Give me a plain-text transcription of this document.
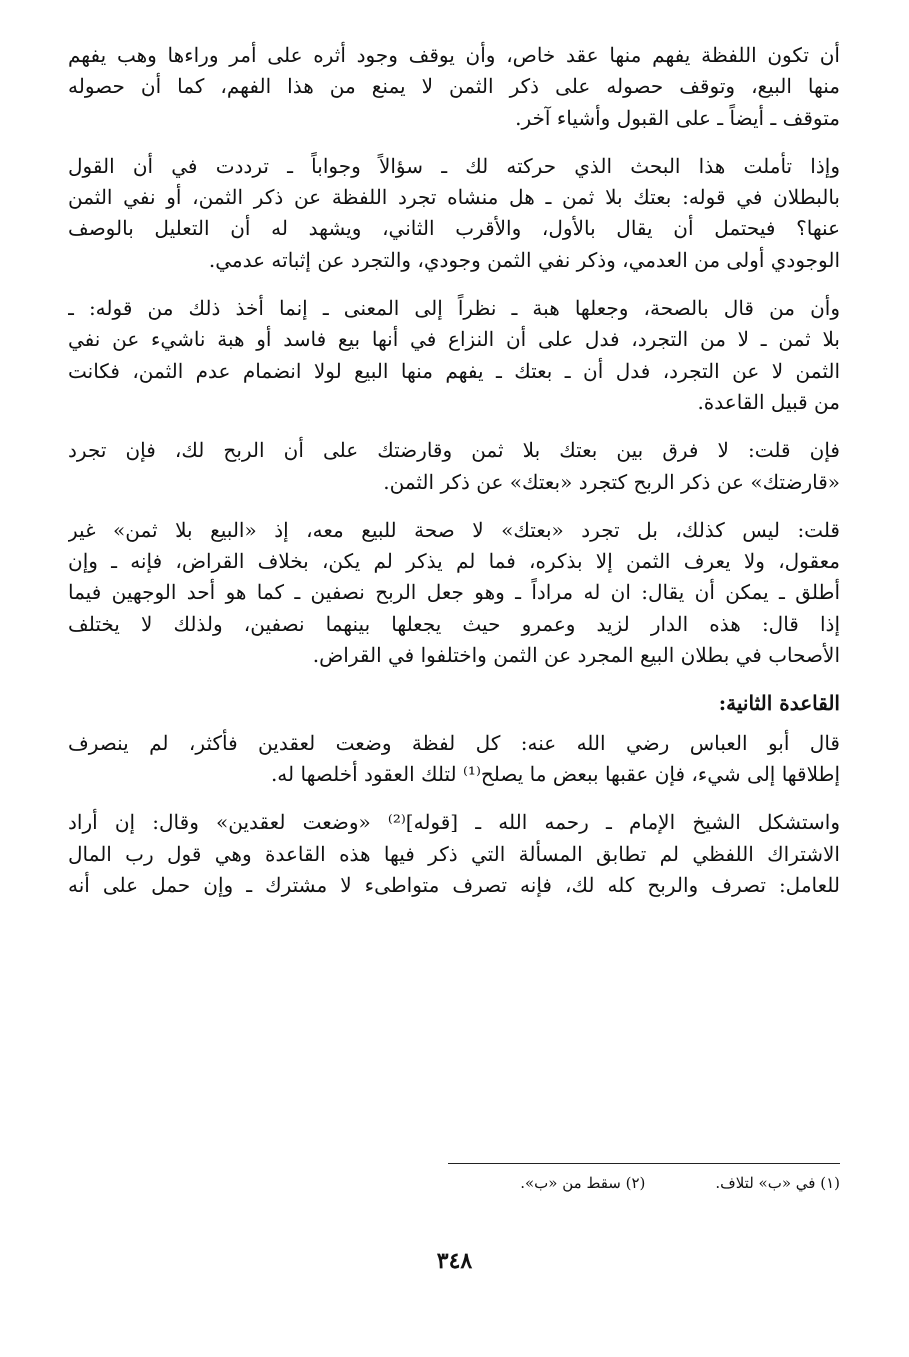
أن تكون اللفظة يفهم منها عقد خاص، وأن يوقف وجود أثره على أمر وراءها وهب يفهم
منها البيع، وتوقف حصوله على ذكر الثمن لا يمنع من هذا الفهم، كما أن حصوله
متوقف ـ أيضاً ـ على القبول وأشياء آخر.

وإذا تأملت هذا البحث الذي حركته لك ـ سؤالاً وجواباً ـ ترددت في أن القول
بالبطلان في قوله: بعتك بلا ثمن ـ هل منشاه تجرد اللفظة عن ذكر الثمن، أو نفي الثمن
عنها؟ فيحتمل أن يقال بالأول، والأقرب الثاني، ويشهد له أن التعليل بالوصف
الوجودي أولى من العدمي، وذكر نفي الثمن وجودي، والتجرد عن إثباته عدمي.

وأن من قال بالصحة، وجعلها هبة ـ نظراً إلى المعنى ـ إنما أخذ ذلك من قوله: ـ
بلا ثمن ـ لا من التجرد، فدل على أن النزاع في أنها بيع فاسد أو هبة ناشيء عن نفي
الثمن لا عن التجرد، فدل أن ـ بعتك ـ يفهم منها البيع لولا انضمام عدم الثمن، فكانت
من قبيل القاعدة.

فإن قلت: لا فرق بين بعتك بلا ثمن وقارضتك على أن الربح لك، فإن تجرد
«قارضتك» عن ذكر الربح كتجرد «بعتك» عن ذكر الثمن.

قلت: ليس كذلك، بل تجرد «بعتك» لا صحة للبيع معه، إذ «البيع بلا ثمن» غير
معقول، ولا يعرف الثمن إلا بذكره، فما لم يذكر لم يكن، بخلاف القراض، فإنه ـ وإن
أطلق ـ يمكن أن يقال: ان له مراداً ـ وهو جعل الربح نصفين ـ كما هو أحد الوجهين فيما
إذا قال: هذه الدار لزيد وعمرو حيث يجعلها بينهما نصفين، ولذلك لا يختلف
الأصحاب في بطلان البيع المجرد عن الثمن واختلفوا في القراض.

القاعدة الثانية:

قال أبو العباس رضي الله عنه: كل لفظة وضعت لعقدين فأكثر، لم ينصرف
إطلاقها إلى شيء، فإن عقبها ببعض ما يصلح⁽¹⁾ لتلك العقود أخلصها له.

واستشكل الشيخ الإمام ـ رحمه الله ـ [قوله]⁽²⁾ «وضعت لعقدين» وقال: إن أراد
الاشتراك اللفظي لم تطابق المسألة التي ذكر فيها هذه القاعدة وهي قول رب المال
للعامل: تصرف والربح كله لك، فإنه تصرف متواطىء لا مشترك ـ وإن حمل على أنه

(١) في «ب» لتلاف.
(٢) سقط من «ب».
٣٤٨
